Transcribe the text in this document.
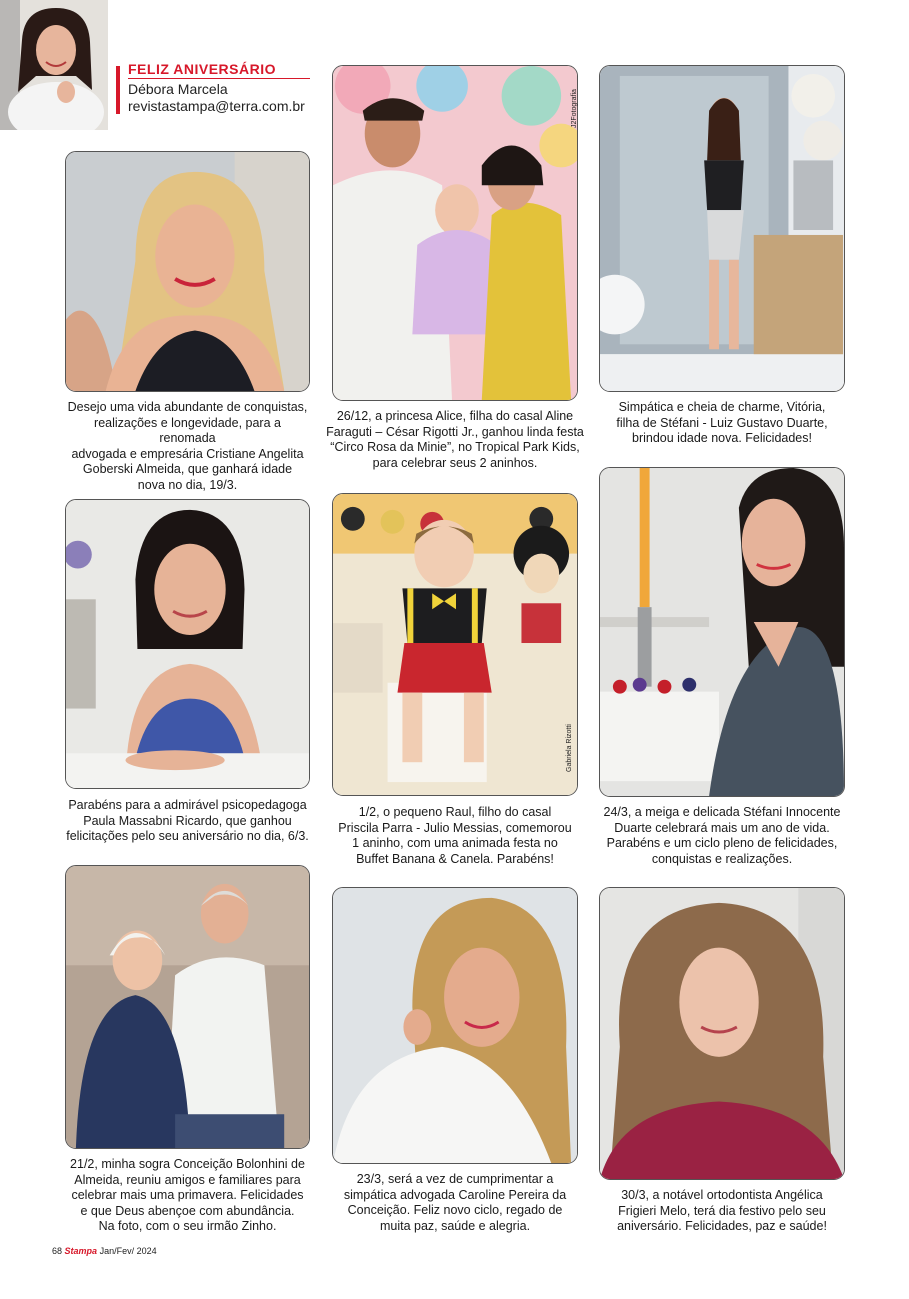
FELIZ ANIVERSÁRIO
Débora Marcela
revistastampa@terra.com.br	J2Fotografia
Desejo uma vida abundante de conquistas,
realizações e longevidade, para a renomada
advogada e empresária Cristiane Angelita
Goberski Almeida, que ganhará idade
nova no dia, 19/3.
26/12, a princesa Alice, filha do casal Aline
Faraguti – César Rigotti Jr., ganhou linda festa
“Circo Rosa da Minie”, no Tropical Park Kids,
para celebrar seus 2 aninhos.
Simpática e cheia de charme, Vitória,
filha de Stéfani - Luiz Gustavo Duarte,
brindou idade nova. Felicidades!
Gabriela Rizotti
Parabéns para a admirável psicopedagoga
Paula Massabni Ricardo, que ganhou
felicitações pelo seu aniversário no dia, 6/3.
1/2, o pequeno Raul, filho do casal
Priscila Parra - Julio Messias, comemorou
1 aninho, com uma animada festa no
Buffet Banana & Canela. Parabéns!
24/3, a meiga e delicada Stéfani Innocente
Duarte celebrará mais um ano de vida.
Parabéns e um ciclo pleno de felicidades,
conquistas e realizações.
21/2, minha sogra Conceição Bolonhini de
Almeida, reuniu amigos e familiares para
celebrar mais uma primavera. Felicidades
e que Deus abençoe com abundância.
Na foto, com o seu irmão Zinho.
23/3, será a vez de cumprimentar a
simpática advogada Caroline Pereira da
Conceição. Feliz novo ciclo, regado de
muita paz, saúde e alegria.
30/3, a notável ortodontista Angélica
Frigieri Melo, terá dia festivo pelo seu
aniversário. Felicidades, paz e saúde!
68 Stampa Jan/Fev/ 2024
